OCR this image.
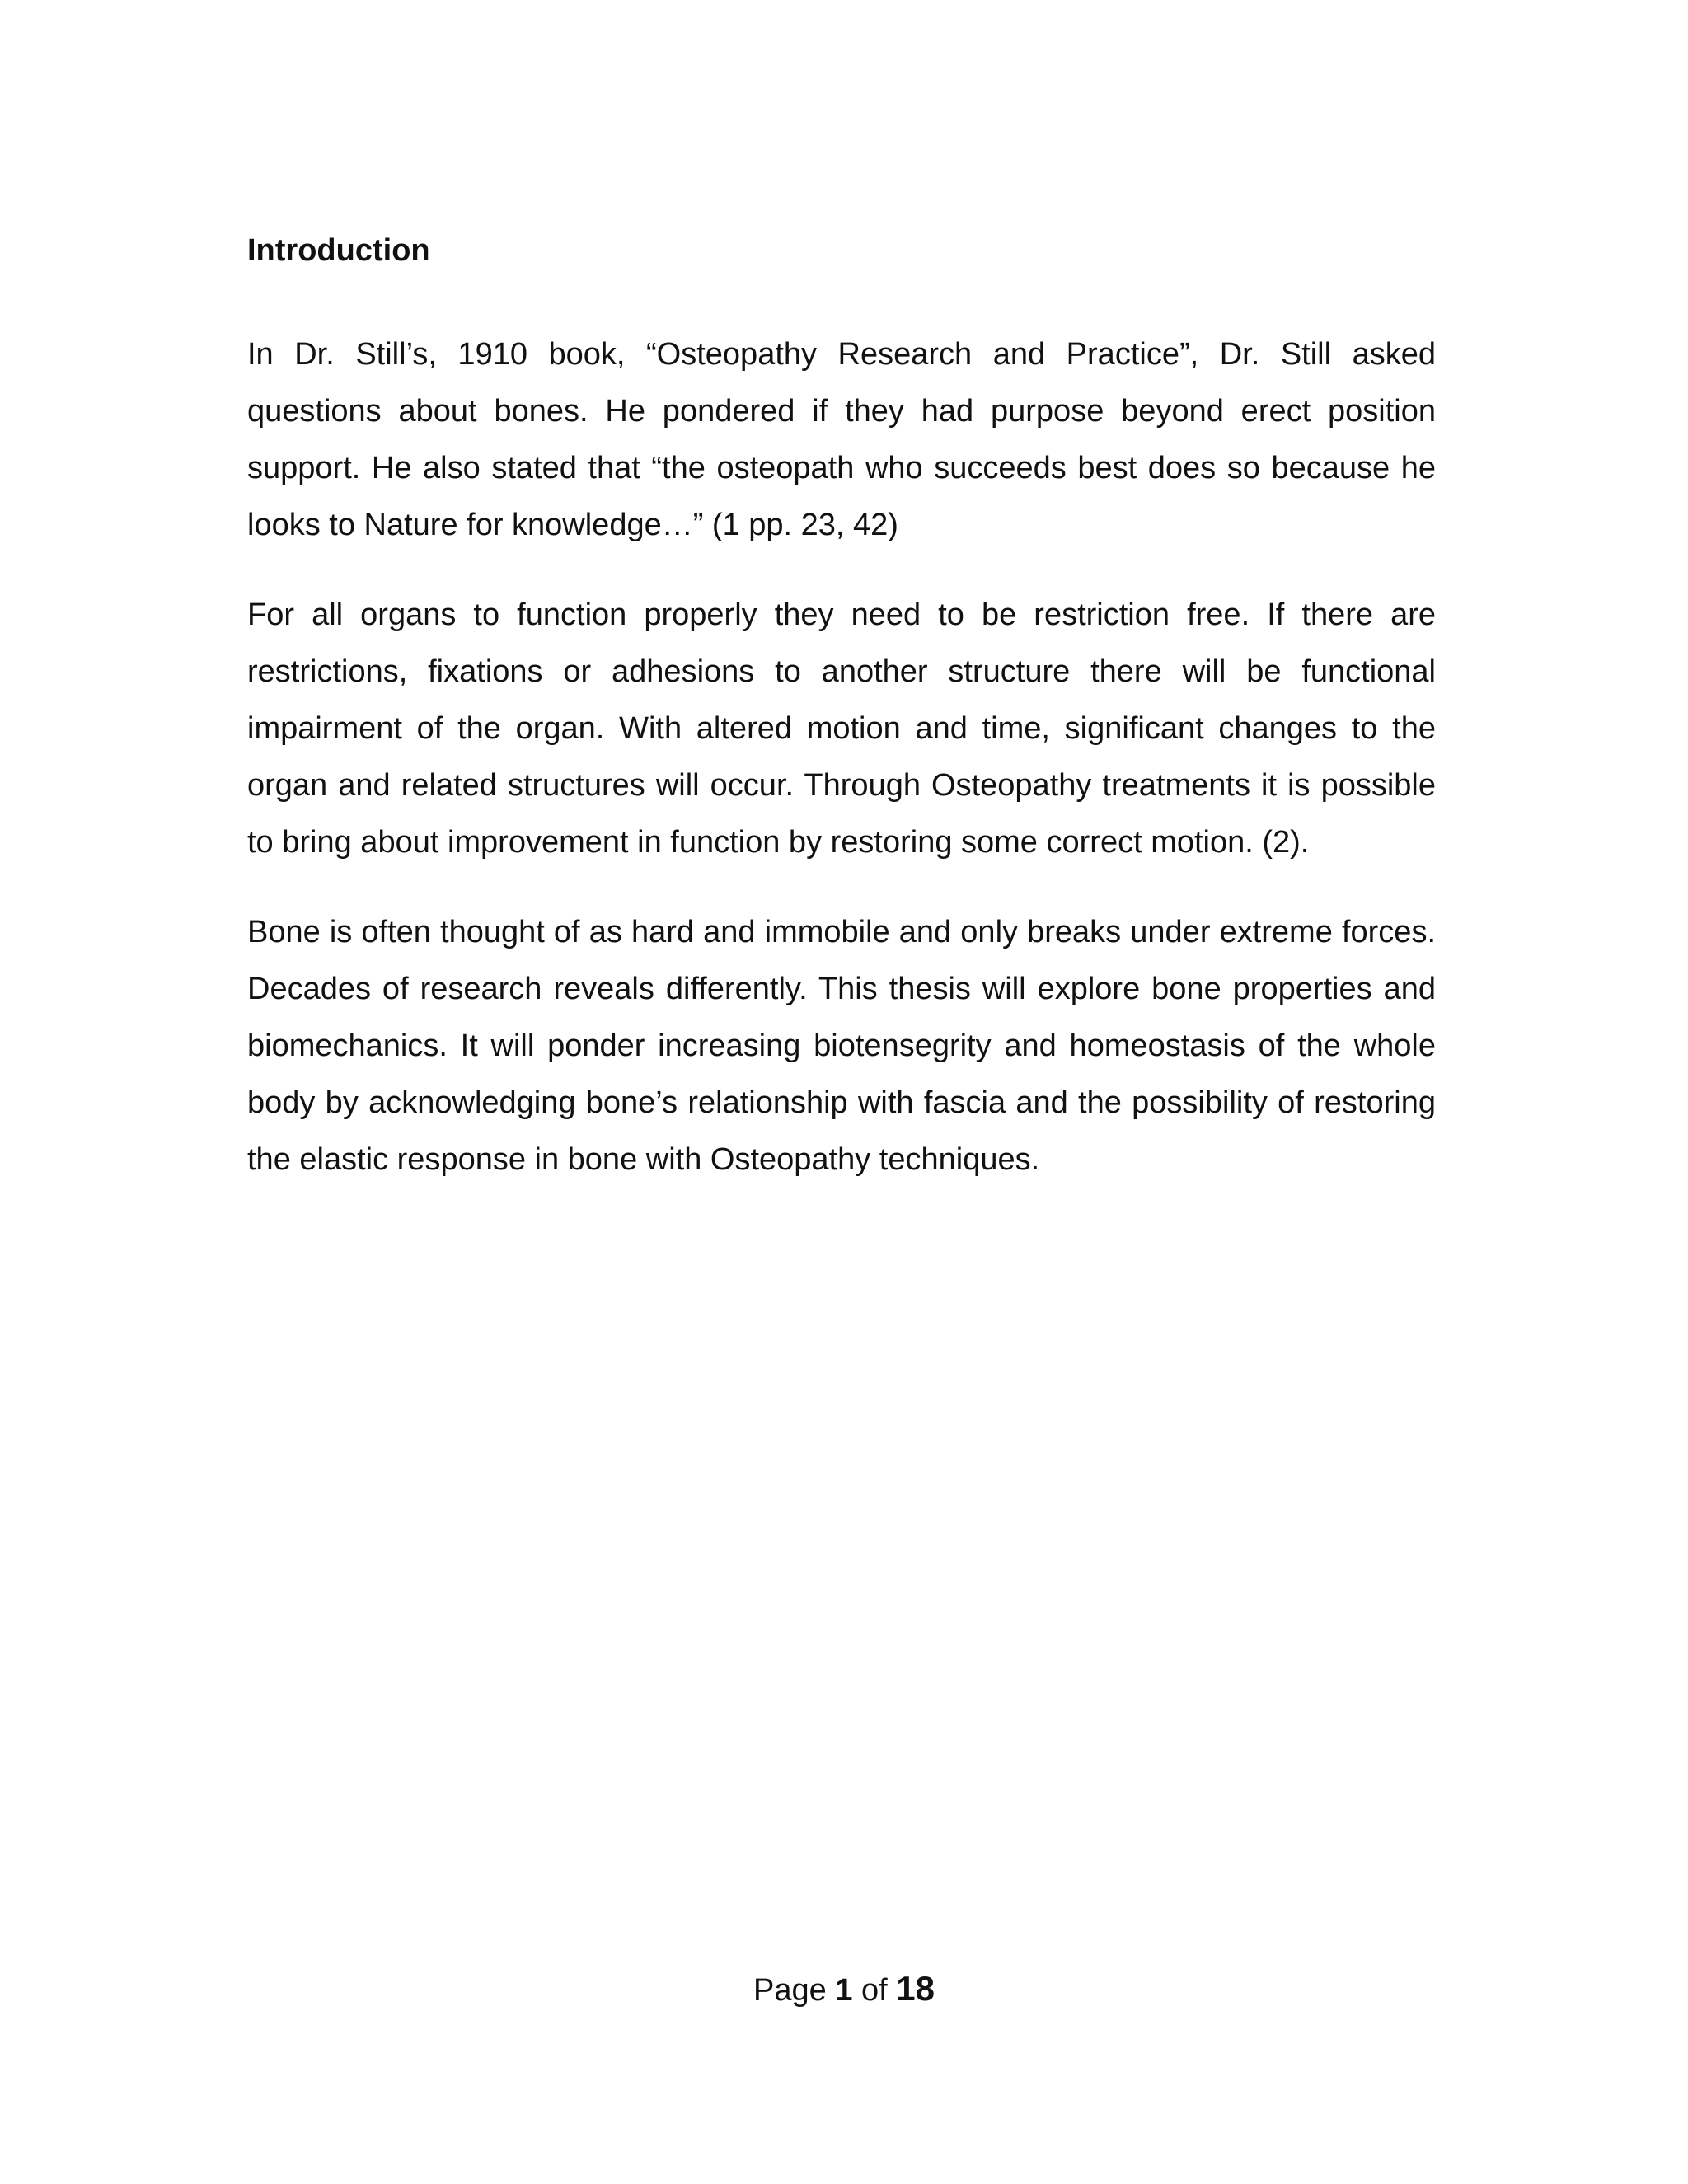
Introduction

In Dr. Still’s, 1910 book, “Osteopathy Research and Practice”, Dr. Still asked questions about bones. He pondered if they had purpose beyond erect position support. He also stated that “the osteopath who succeeds best does so because he looks to Nature for knowledge…” (1 pp. 23, 42)

For all organs to function properly they need to be restriction free. If there are restrictions, fixations or adhesions to another structure there will be functional impairment of the organ. With altered motion and time, significant changes to the organ and related structures will occur. Through Osteopathy treatments it is possible to bring about improvement in function by restoring some correct motion. (2).

Bone is often thought of as hard and immobile and only breaks under extreme forces. Decades of research reveals differently. This thesis will explore bone properties and biomechanics. It will ponder increasing biotensegrity and homeostasis of the whole body by acknowledging bone’s relationship with fascia and the possibility of restoring the elastic response in bone with Osteopathy techniques.

Page 1 of 18
